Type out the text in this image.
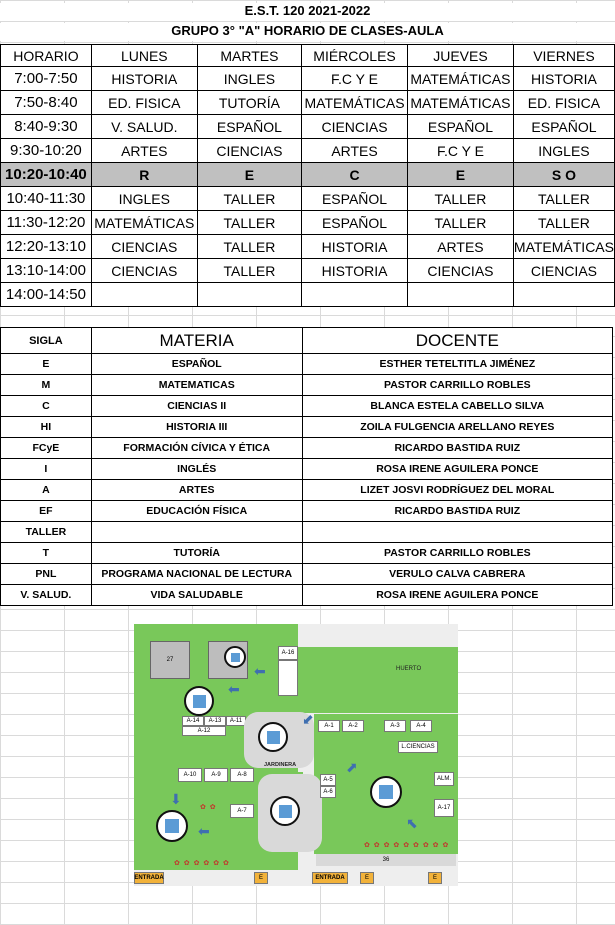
E.S.T. 120 2021-2022
GRUPO 3° "A" HORARIO DE CLASES-AULA
HORARIO	LUNES	MARTES	MIÉRCOLES	JUEVES	VIERNES
7:00-7:50	HISTORIA	INGLES	F.C Y E	MATEMÁTICAS	HISTORIA
7:50-8:40	ED. FISICA	TUTORÍA	MATEMÁTICAS	MATEMÁTICAS	ED. FISICA
8:40-9:30	V. SALUD.	ESPAÑOL	CIENCIAS	ESPAÑOL	ESPAÑOL
9:30-10:20	ARTES	CIENCIAS	ARTES	F.C Y E	INGLES
10:20-10:40	R	E	C	E	S O
10:40-11:30	INGLES	TALLER	ESPAÑOL	TALLER	TALLER
11:30-12:20	MATEMÁTICAS	TALLER	ESPAÑOL	TALLER	TALLER
12:20-13:10	CIENCIAS	TALLER	HISTORIA	ARTES	MATEMÁTICAS
13:10-14:00	CIENCIAS	TALLER	HISTORIA	CIENCIAS	CIENCIAS
14:00-14:50					
SIGLA	MATERIA	DOCENTE
E	ESPAÑOL	ESTHER TETELTITLA JIMÉNEZ
M	MATEMATICAS	PASTOR CARRILLO ROBLES
C	CIENCIAS II	BLANCA ESTELA CABELLO SILVA
HI	HISTORIA III	ZOILA FULGENCIA ARELLANO REYES
FCyE	FORMACIÓN CÍVICA Y ÉTICA	RICARDO BASTIDA RUIZ
I	INGLÉS	ROSA IRENE AGUILERA PONCE
A	ARTES	LIZET JOSVI RODRÍGUEZ DEL MORAL
EF	EDUCACIÓN FÍSICA	RICARDO BASTIDA RUIZ
TALLER		
T	TUTORÍA	PASTOR CARRILLO ROBLES
PNL	PROGRAMA NACIONAL DE LECTURA	VERULO CALVA CABRERA
V. SALUD.	VIDA SALUDABLE	ROSA IRENE AGUILERA PONCE
27
A-16
HUERTO
A-14	A-13	A-11
A-12
JARDINERA
A-1	A-2	A-3	A-4
L.CIENCIAS
A-10	A-9	A-8
A-7
A-5
A-6
ALM.
A-17
36
⬅
⬅
⬋
⬈
⬉
⬇
⬅
✿ ✿
✿ ✿ ✿ ✿ ✿ ✿
✿ ✿ ✿ ✿ ✿ ✿ ✿ ✿ ✿
ENTRADA	E	ENTRADA	E	E
